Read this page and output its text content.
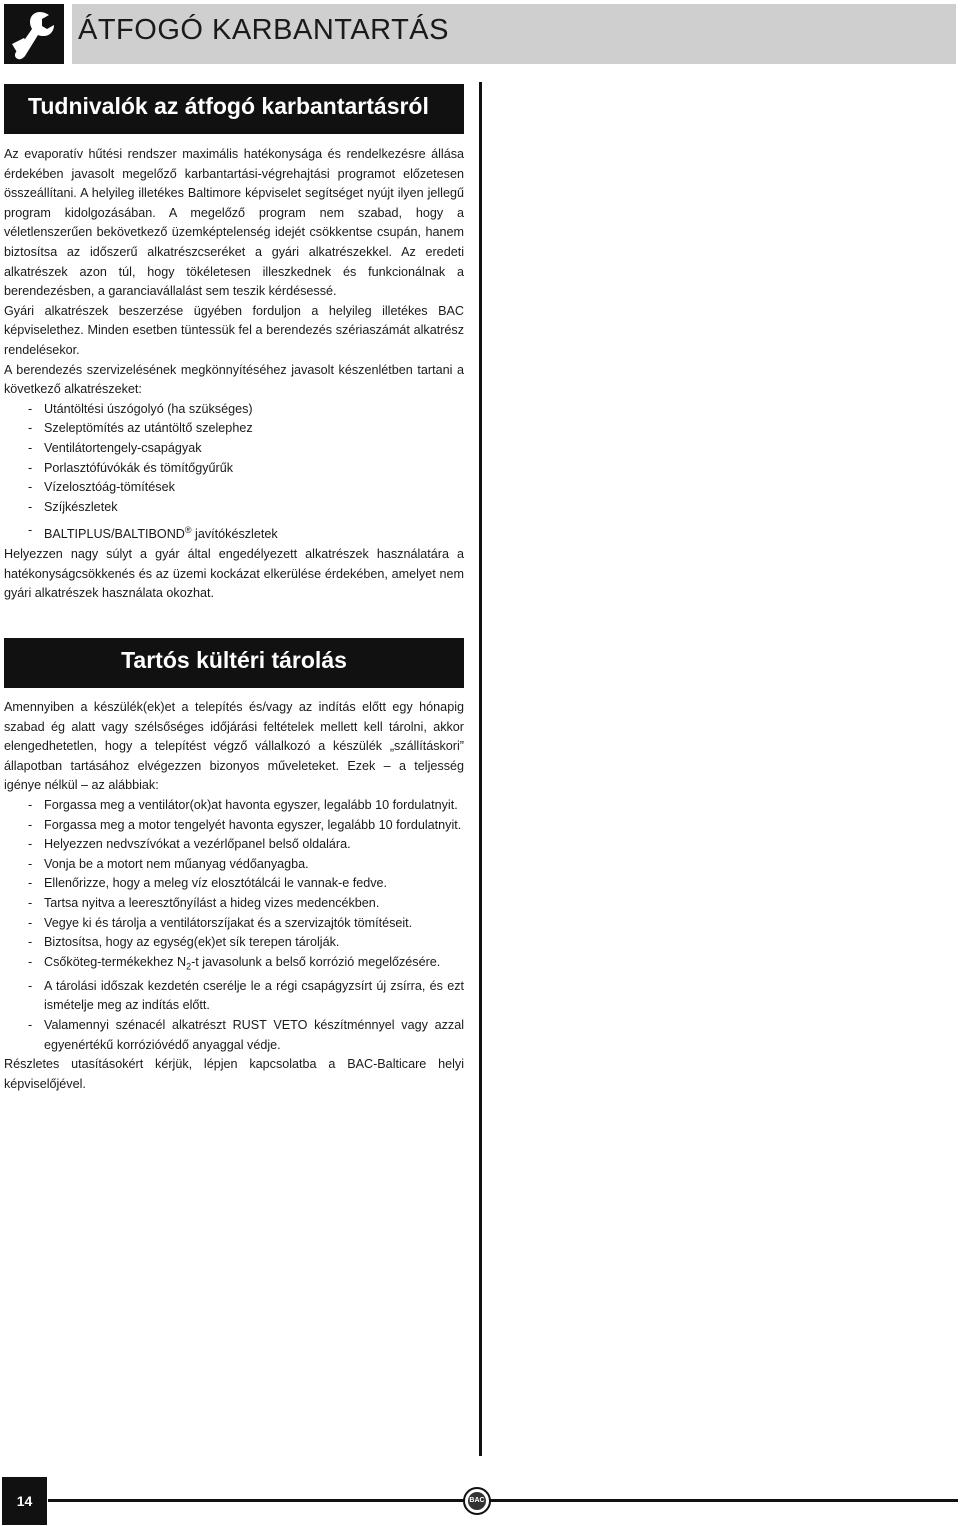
ÁTFOGÓ KARBANTARTÁS
Tudnivalók az átfogó karbantartásról

Az evaporatív hűtési rendszer maximális hatékonysága és rendelkezésre állása érdekében javasolt megelőző karbantartási-végrehajtási programot előzetesen összeállítani. A helyileg illetékes Baltimore képviselet segítséget nyújt ilyen jellegű program kidolgozásában. A megelőző program nem szabad, hogy a véletlenszerűen bekövetkező üzemképtelenség idejét csökkentse csupán, hanem biztosítsa az időszerű alkatrészcseréket a gyári alkatrészekkel. Az eredeti alkatrészek azon túl, hogy tökéletesen illeszkednek és funkcionálnak a berendezésben, a garanciavállalást sem teszik kérdésessé.

Gyári alkatrészek beszerzése ügyében forduljon a helyileg illetékes BAC képviselethez. Minden esetben tüntessük fel a berendezés szériaszámát alkatrész rendelésekor.

A berendezés szervizelésének megkönnyítéséhez javasolt készenlétben tartani a következő alkatrészeket:

- Utántöltési úszógolyó (ha szükséges)
- Szeleptömítés az utántöltő szelephez
- Ventilátortengely-csapágyak
- Porlasztófúvókák és tömítőgyűrűk
- Vízelosztóág-tömítések
- Szíjkészletek
- BALTIPLUS/BALTIBOND® javítókészletek

Helyezzen nagy súlyt a gyár által engedélyezett alkatrészek használatára a hatékonyságcsökkenés és az üzemi kockázat elkerülése érdekében, amelyet nem gyári alkatrészek használata okozhat.

Tartós kültéri tárolás

Amennyiben a készülék(ek)et a telepítés és/vagy az indítás előtt egy hónapig szabad ég alatt vagy szélsőséges időjárási feltételek mellett kell tárolni, akkor elengedhetetlen, hogy a telepítést végző vállalkozó a készülék „szállításkori” állapotban tartásához elvégezzen bizonyos műveleteket. Ezek – a teljesség igénye nélkül – az alábbiak:

- Forgassa meg a ventilátor(ok)at havonta egyszer, legalább 10 fordulatnyit.
- Forgassa meg a motor tengelyét havonta egyszer, legalább 10 fordulatnyit.
- Helyezzen nedvszívókat a vezérlőpanel belső oldalára.
- Vonja be a motort nem műanyag védőanyagba.
- Ellenőrizze, hogy a meleg víz elosztótálcái le vannak-e fedve.
- Tartsa nyitva a leeresztőnyílást a hideg vizes medencékben.
- Vegye ki és tárolja a ventilátorszíjakat és a szervizajtók tömítéseit.
- Biztosítsa, hogy az egység(ek)et sík terepen tárolják.
- Csőköteg-termékekhez $N_2-t$ javasolunk a belső korrózió megelőzésére.
- A tárolási időszak kezdetén cserélje le a régi csapágyzsírt új zsírra, és ezt ismételje meg az indítás előtt.
- Valamennyi szénacél alkatrészt RUST VETO készítménnyel vagy azzal egyenértékű korrózióvédő anyaggal védje.

Részletes utasításokért kérjük, lépjen kapcsolatba a BAC-Balticare helyi képviselőjével.

14	BAC
